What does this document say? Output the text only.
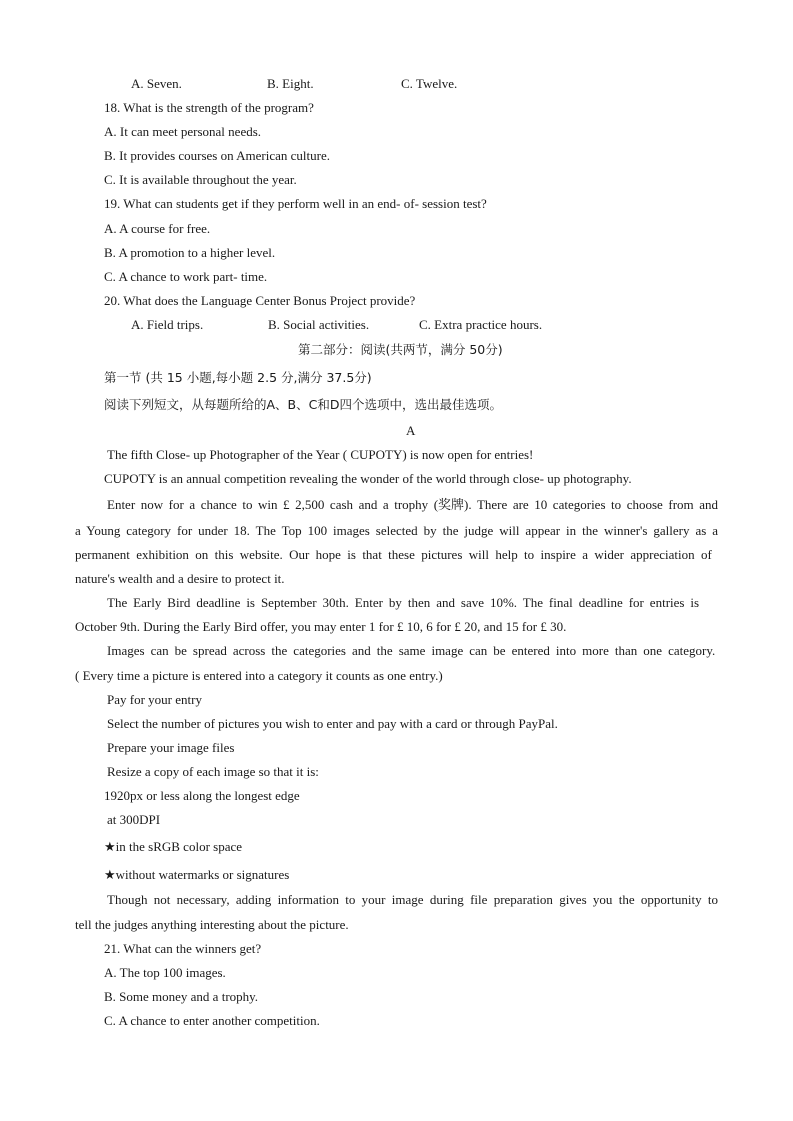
A. Seven.	B. Eight.	C. Twelve.
18. What is the strength of the program?
A. It can meet personal needs.
B. It provides courses on American culture.
C. It is available throughout the year.
19. What can students get if they perform well in an end- of- session test?
A. A course for free.
B. A promotion to a higher level.
C. A chance to work part- time.
20. What does the Language Center Bonus Project provide?
A. Field trips.	B. Social activities.	C. Extra practice hours.
第二部分：阅读(共两节，满分 50分)
第一节 (共 15 小题,每小题 2.5 分,满分 37.5分)
阅读下列短文，从每题所给的A、B、C和D四个选项中，选出最佳选项。
A
The fifth Close- up Photographer of the Year ( CUPOTY) is now open for entries!
CUPOTY is an annual competition revealing the wonder of the world through close- up photography.
Enter now for a chance to win £ 2,500 cash and a trophy (奖牌). There are 10 categories to choose from and
a Young category for under 18. The Top 100 images selected by the judge will appear in the winner's gallery as a
permanent exhibition on this website. Our hope is that these pictures will help to inspire a wider appreciation of
nature's wealth and a desire to protect it.
The Early Bird deadline is September 30th. Enter by then and save 10%. The final deadline for entries is
October 9th. During the Early Bird offer, you may enter 1 for £ 10, 6 for £ 20, and 15 for £ 30.
Images can be spread across the categories and the same image can be entered into more than one category.
( Every time a picture is entered into a category it counts as one entry.)
Pay for your entry
Select the number of pictures you wish to enter and pay with a card or through PayPal.
Prepare your image files
Resize a copy of each image so that it is:
1920px or less along the longest edge
at 300DPI
★in the sRGB color space
★without watermarks or signatures
Though not necessary, adding information to your image during file preparation gives you the opportunity to
tell the judges anything interesting about the picture.
21. What can the winners get?
A. The top 100 images.
B. Some money and a trophy.
C. A chance to enter another competition.
